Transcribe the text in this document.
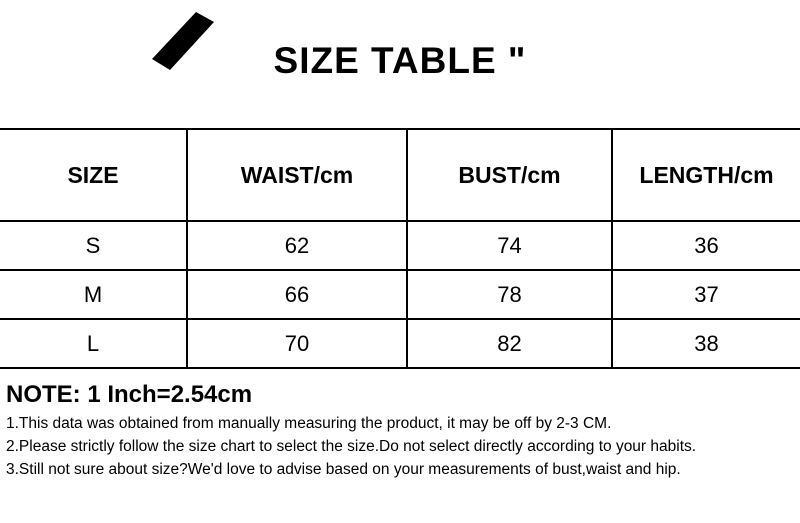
SIZE TABLE "
SIZE	WAIST/cm	BUST/cm	LENGTH/cm
S	62	74	36
M	66	78	37
L	70	82	38
NOTE: 1 Inch=2.54cm
1.This data was obtained from manually measuring the product, it may be off by 2-3 CM.
2.Please strictly follow the size chart to select the size.Do not select directly according to your habits.
3.Still not sure about size?We'd love to advise based on your measurements of bust,waist and hip.
